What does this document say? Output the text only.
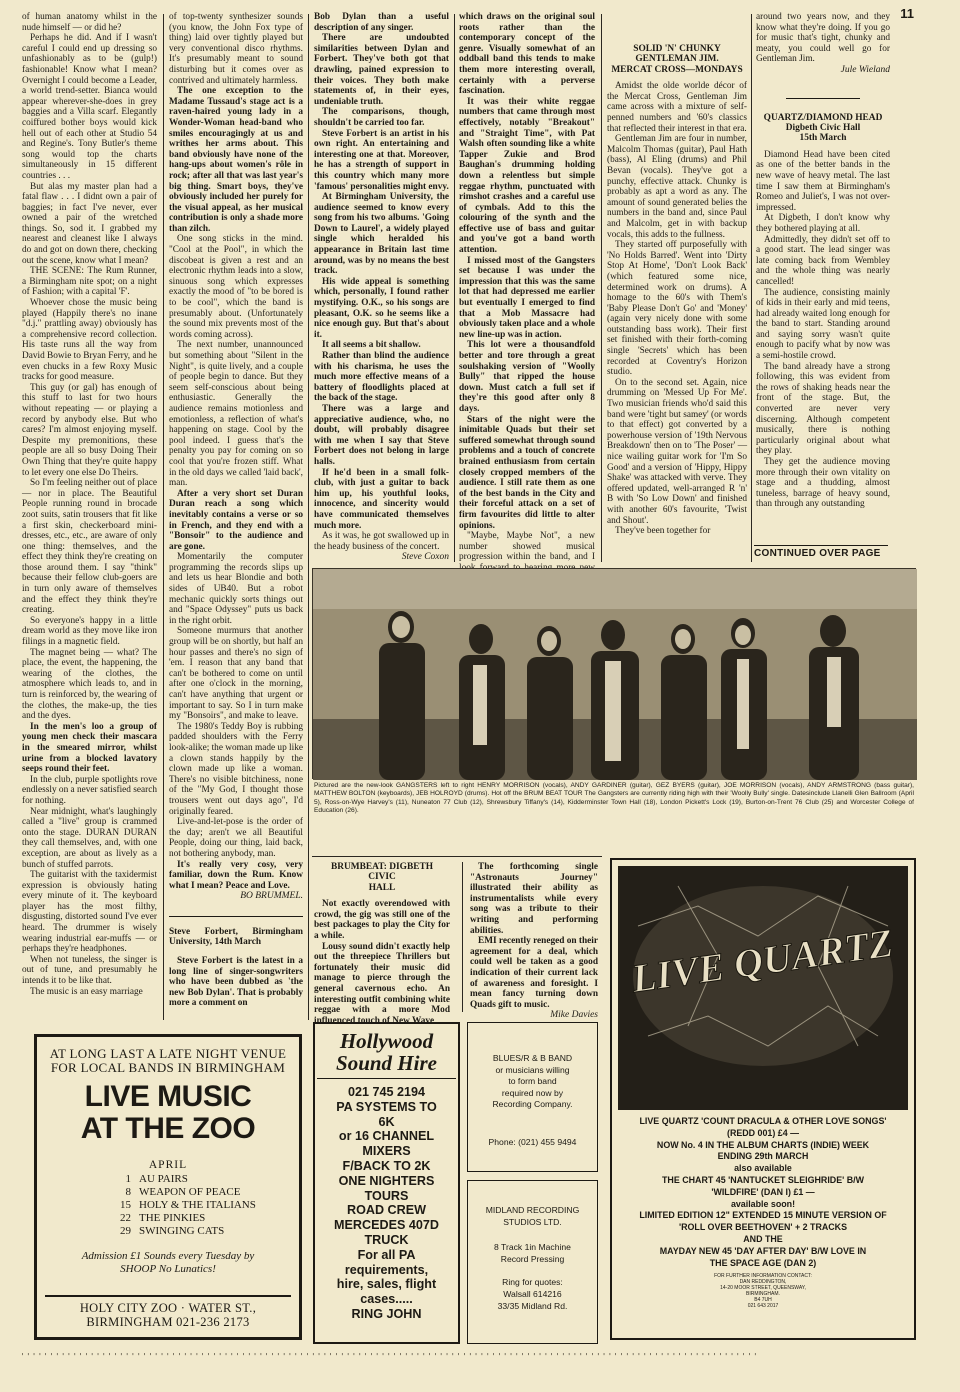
11

of human anatomy whilst in the nude himself — or did he?

Perhaps he did. And if I wasn't careful I could end up dressing so unfashionably as to be (gulp!) fashionable! Know what I mean? Overnight I could become a Leader, a world trend-setter. Bianca would appear wherever-she-does in grey baggies and a Villa scarf. Elegantly coiffured bother boys would kick hell out of each other at Studio 54 and Regine's. Tony Butler's theme song would top the charts simultaneously in 15 different countries . . .

But alas my master plan had a fatal flaw . . . I didnt own a pair of baggies; in fact I've never, ever owned a pair of the wretched things. So, sod it. I grabbed my nearest and cleanest like I always do and got on down there, checking out the scene, know what I mean?

THE SCENE: The Rum Runner, a Birmingham nite spot; on a night of Fashion; with a capital 'F'.

Whoever chose the music being played (Happily there's no inane "d.j." prattling away) obviously has a comprehensive record collection. His taste runs all the way from David Bowie to Bryan Ferry, and he even chucks in a few Roxy Music tracks for good measure.

This guy (or gal) has enough of this stuff to last for two hours without repeating — or playing a record by anybody else. But who cares? I'm almost enjoying myself. Despite my premonitions, these people are all so busy Doing Their Own Thing that they're quite happy to let every one else Do Theirs.

So I'm feeling neither out of place — nor in place. The Beautiful People running round in brocade zoot suits, satin trousers that fit like a first skin, checkerboard mini-dresses, etc., etc., are aware of only one thing: themselves, and the effect they think they're creating on those around them. I say "think" because their fellow club-goers are in turn only aware of themselves and the effect they think they're creating.

So everyone's happy in a little dream world as they move like iron filings in a magnetic field.

The magnet being — what? The place, the event, the happening, the wearing of the clothes, the atmosphere which leads to, and in turn is reinforced by, the wearing of the clothes, the make-up, the ties and the dyes.

In the men's loo a group of young men check their mascara in the smeared mirror, whilst urine from a blocked lavatory seeps round their feet.

In the club, purple spotlights rove endlessly on a never satisfied search for nothing.

Near midnight, what's laughingly called a "live" group is crammed onto the stage. DURAN DURAN they call themselves, and, with one exception, are about as lively as a bunch of stuffed parrots.

The guitarist with the taxidermist expression is obviously hating every minute of it. The keyboard player has the most filthy, disgusting, distorted sound I've ever heard. The drummer is wisely wearing industrial ear-muffs — or perhaps they're headphones.

When not tuneless, the singer is out of tune, and presumably he intends it to be like that.

The music is an easy marriage

of top-twenty synthesizer sounds (you know, the John Fox type of thing) laid over tightly played but very conventional disco rhythms. It's presumably meant to sound disturbing but it comes over as contrived and ultimately harmless.

The one exception to the Madame Tussaud's stage act is a raven-haired young lady in a Wonder-Woman head-band who smiles encouragingly at us and writhes her arms about. This band obviously have none of the hang-ups about women's rôle in rock; after all that was last year's big thing. Smart boys, they've obviously included her purely for the visual appeal, as her musical contribution is only a shade more than zilch.

One song sticks in the mind. "Cool at the Pool", in which the discobeat is given a rest and an electronic rhythm leads into a slow, sinuous song which expresses exactly the mood of "to be bored is to be cool", which the band is presumably about. (Unfortunately the sound mix prevents most of the words coming across).

The next number, unannounced but something about "Silent in the Night", is quite lively, and a couple of people begin to dance. But they seem self-conscious about being enthusiastic. Generally the audience remains motionless and emotionless, a reflection of what's happening on stage. Cool by the pool indeed. I guess that's the penalty you pay for coming on so cool that you're frozen stiff. What in the old days we called 'laid back', man.

After a very short set Duran Duran reach a song which inevitably contains a verse or so in French, and they end with a "Bonsoir" to the audience and are gone.

Momentarily the computer programming the records slips up and lets us hear Blondie and both sides of UB40. But a robot mechanic quickly sorts things out and "Space Odyssey" puts us back in the right orbit.

Someone murmurs that another group will be on shortly, but half an hour passes and there's no sign of 'em. I reason that any band that can't be bothered to come on until after one o'clock in the morning, can't have anything that urgent or important to say. So I in turn make my "Bonsoirs", and make to leave.

The 1980's Teddy Boy is rubbing padded shoulders with the Ferry look-alike; the woman made up like a clown stands happily by the clown made up like a woman. There's no visible bitchiness, none of the "My God, I thought those trousers went out days ago", I'd originally feared.

Live-and-let-pose is the order of the day; aren't we all Beautiful People, doing our thing, laid back, not bothering anybody, man.

It's really very cosy, very familiar, down the Rum. Know what I mean? Peace and Love.

BO BRUMMEL.
Steve Forbert, Birmingham University, 14th March

Steve Forbert is the latest in a long line of singer-songwriters who have been dubbed as 'the new Bob Dylan'. That is probably more a comment on

Bob Dylan than a useful description of any singer.

There are undoubted similarities between Dylan and Forbert. They've both got that drawling, pained expression to their voices. They both make statements of, in their eyes, undeniable truth.

The comparisons, though, shouldn't be carried too far.

Steve Forbert is an artist in his own right. An entertaining and interesting one at that. Moreover, he has a strength of support in this country which many more 'famous' personalities might envy.

At Birmingham University, the audience seemed to know every song from his two albums. 'Going Down to Laurel', a widely played single which heralded his appearance in Britain last time around, was by no means the best track.

His wide appeal is something which, personally, I found rather mystifying. O.K., so his songs are pleasant, O.K. so he seems like a nice enough guy. But that's about it.

It all seems a bit shallow.

Rather than blind the audience with his charisma, he uses the much more effective means of a battery of floodlights placed at the back of the stage.

There was a large and appreciative audience, who, no doubt, will probably disagree with me when I say that Steve Forbert does not belong in large halls.

If he'd been in a small folk-club, with just a guitar to back him up, his youthful looks, innocence, and sincerity would have communicated themselves much more.

As it was, he got swallowed up in the heady business of the concert.

Steve Coxon

which draws on the original soul roots rather than the contemporary concept of the genre. Visually somewhat of an oddball band this tends to make them more interesting overall, certainly with a perverse fascination.

It was their white reggae numbers that came through most effectively, notably "Breakout" and "Straight Time", with Pat Walsh often sounding like a white Tapper Zukie and Brod Baughan's drumming holding down a relentless but simple reggae rhythm, punctuated with rimshot crashes and a careful use of cymbals. Add to this the colouring of the synth and the effective use of bass and guitar and you've got a band worth attention.

I missed most of the Gangsters set because I was under the impression that this was the same lot that had depressed me earlier but eventually I emerged to find that a Mob Massacre had obviously taken place and a whole new line-up was in action.

This lot were a thousandfold better and tore through a great soulshaking version of "Woolly Bully" that ripped the house down. Must catch a full set if they're this good after only 8 days.

Stars of the night were the inimitable Quads but their set suffered somewhat through sound problems and a touch of concrete brained enthusiasm from certain closely cropped members of the audience. I still rate them as one of the best bands in the City and their forceful attack on a set of firm favourites did little to alter opinions.

"Maybe, Maybe Not", a new number showed musical progression within the band, and I

SOLID 'N' CHUNKY
GENTLEMAN JIM.
MERCAT CROSS—MONDAYS

Amidst the olde worlde décor of the Mercat Cross, Gentleman Jim came across with a mixture of self-penned numbers and '60's classics that reflected their interest in that era.

Gentleman Jim are four in number, Malcolm Thomas (guitar), Paul Hath (bass), Al Eling (drums) and Phil Bevan (vocals). They've got a punchy, effective attack. Chunky is probably as apt a word as any. The amount of sound generated belies the numbers in the band and, since Paul and Malcolm, get in with backup vocals, this adds to the fullness.

They started off purposefully with 'No Holds Barred'. Went into 'Dirty Stop At Home', 'Don't Look Back' (which featured some nice, determined work on drums). A homage to the 60's with Them's 'Baby Please Don't Go' and 'Money' (again very nicely done with some outstanding bass work). Their first set finished with their forth-coming single 'Secrets' which has been recorded at Coventry's Horizon studio.

On to the second set. Again, nice drumming on 'Messed Up For Me'. Two musician friends who'd said this band were 'tight but samey' (or words to that effect) got converted by a powerhouse version of '19th Nervous Breakdown' then on to 'The Poser' — nice wailing guitar work for 'I'm So Good' and a version of 'Hippy, Hippy Shake' was attacked with verve. They offered updated, well-arranged R 'n' B with 'So Low Down' and finished with another 60's favourite, 'Twist and Shout'.

They've been together for

around two years now, and they know what they're doing. If you go for music that's tight, chunky and meaty, you could well go for Gentleman Jim.

Jule Wieland
QUARTZ/DIAMOND HEAD
Digbeth Civic Hall
15th March

Diamond Head have been cited as one of the better bands in the new wave of heavy metal. The last time I saw them at Birmingham's Romeo and Juliet's, I was not over-impressed.

At Digbeth, I don't know why they bothered playing at all.

Admittedly, they didn't set off to a good start. The lead singer was late coming back from Wembley and the whole thing was nearly cancelled!

The audience, consisting mainly of kids in their early and mid teens, had already waited long enough for the band to start. Standing around and saying sorry wasn't quite enough to pacify what by now was a semi-hostile crowd.

The band already have a strong following, this was evident from the rows of shaking heads near the front of the stage. But, the converted are never very discerning. Although competent musically, there is nothing particularly original about what they play.

They get the audience moving more through their own vitality on stage and a thudding, almost tuneless, barrage of heavy sound, than through any outstanding

CONTINUED OVER PAGE
Pictured are the new-look GANGSTERS left to right HENRY MORRISON (vocals), ANDY GARDINER (guitar), GEZ BYERS (guitar), JOE MORRISON (vocals), ANDY ARMSTRONG (bass guitar), MATTHEW BOLTON (keyboards), JEB HOLROYD (drums). Hot off the BRUM BEAT TOUR The Gangsters are currently riding high with their 'Woolly Bully' single. Datesinclude Llanelli Glen Ballroom (April 5), Ross-on-Wye Harvey's (11), Nuneaton 77 Club (12), Shrewsbury Tiffany's (14), Kidderminster Town Hall (18), London Pickett's Lock (19), Burton-on-Trent 76 Club (25) and Worcester College of Education (26).
BRUMBEAT: DIGBETH
CIVIC
HALL

Not exactly overendowed with crowd, the gig was still one of the best packages to play the City for a while.

Lousy sound didn't exactly help out the threepiece Thrillers but fortunately their music did manage to pierce through the general cavernous echo. An interesting outfit combining white reggae with a more Mod influenced touch of New Wave

The forthcoming single "Astronauts Journey" illustrated their ability as instrumentalists while every song was a tribute to their writing and performing abilities.

EMI recently reneged on their agreement for a deal, which could well be taken as a good indication of their current lack of awareness and foresight. I mean fancy turning down Quads gift to music.

Mike Davies
AT LONG LAST A LATE NIGHT VENUE
FOR LOCAL BANDS IN BIRMINGHAM
LIVE MUSIC
AT THE ZOO
APRIL
1 AU PAIRS
8 WEAPON OF PEACE
15 HOLY & THE ITALIANS
22 THE PINKIES
29 SWINGING CATS
Admission £1 Sounds every Tuesday by
SHOOP No Lunatics!
HOLY CITY ZOO · WATER ST.,
BIRMINGHAM 021-236 2173
Hollywood
Sound Hire
021 745 2194
PA SYSTEMS TO
6K
or 16 CHANNEL
MIXERS
F/BACK TO 2K
ONE NIGHTERS
TOURS
ROAD CREW
MERCEDES 407D
TRUCK
For all PA
requirements,
hire, sales, flight
cases.....
RING JOHN
BLUES/R & B BAND
or musicians willing
to form band
required now by
Recording Company.
Phone: (021) 455 9494
MIDLAND RECORDING
STUDIOS LTD.
8 Track 1in Machine
Record Pressing
Ring for quotes:
Walsall 614216
33/35 Midland Rd.
LIVE QUARTZ
LIVE QUARTZ 'COUNT DRACULA & OTHER LOVE SONGS'
(REDD 001) £4 —
NOW No. 4 IN THE ALBUM CHARTS (INDIE) WEEK
ENDING 29th MARCH
also available
THE CHART 45 'NANTUCKET SLEIGHRIDE' B/W
'WILDFIRE' (DAN I) £1 —
available soon!
LIMITED EDITION 12" EXTENDED 15 MINUTE VERSION OF
'ROLL OVER BEETHOVEN' + 2 TRACKS
AND THE
MAYDAY NEW 45 'DAY AFTER DAY' B/W LOVE IN
THE SPACE AGE (DAN 2)
FOR FURTHER INFORMATION CONTACT:
DAN REDDINGTON,
14-20 MOOR STREET, QUEENSWAY,
BIRMINGHAM.
B4 7UH
021 643 2017
'''''''''''''''''''''''''''''''''''''''''''''''''''''''''''''''''''''''''''''''''''''''''''''''''''''''''''''''''''''''''''''''
